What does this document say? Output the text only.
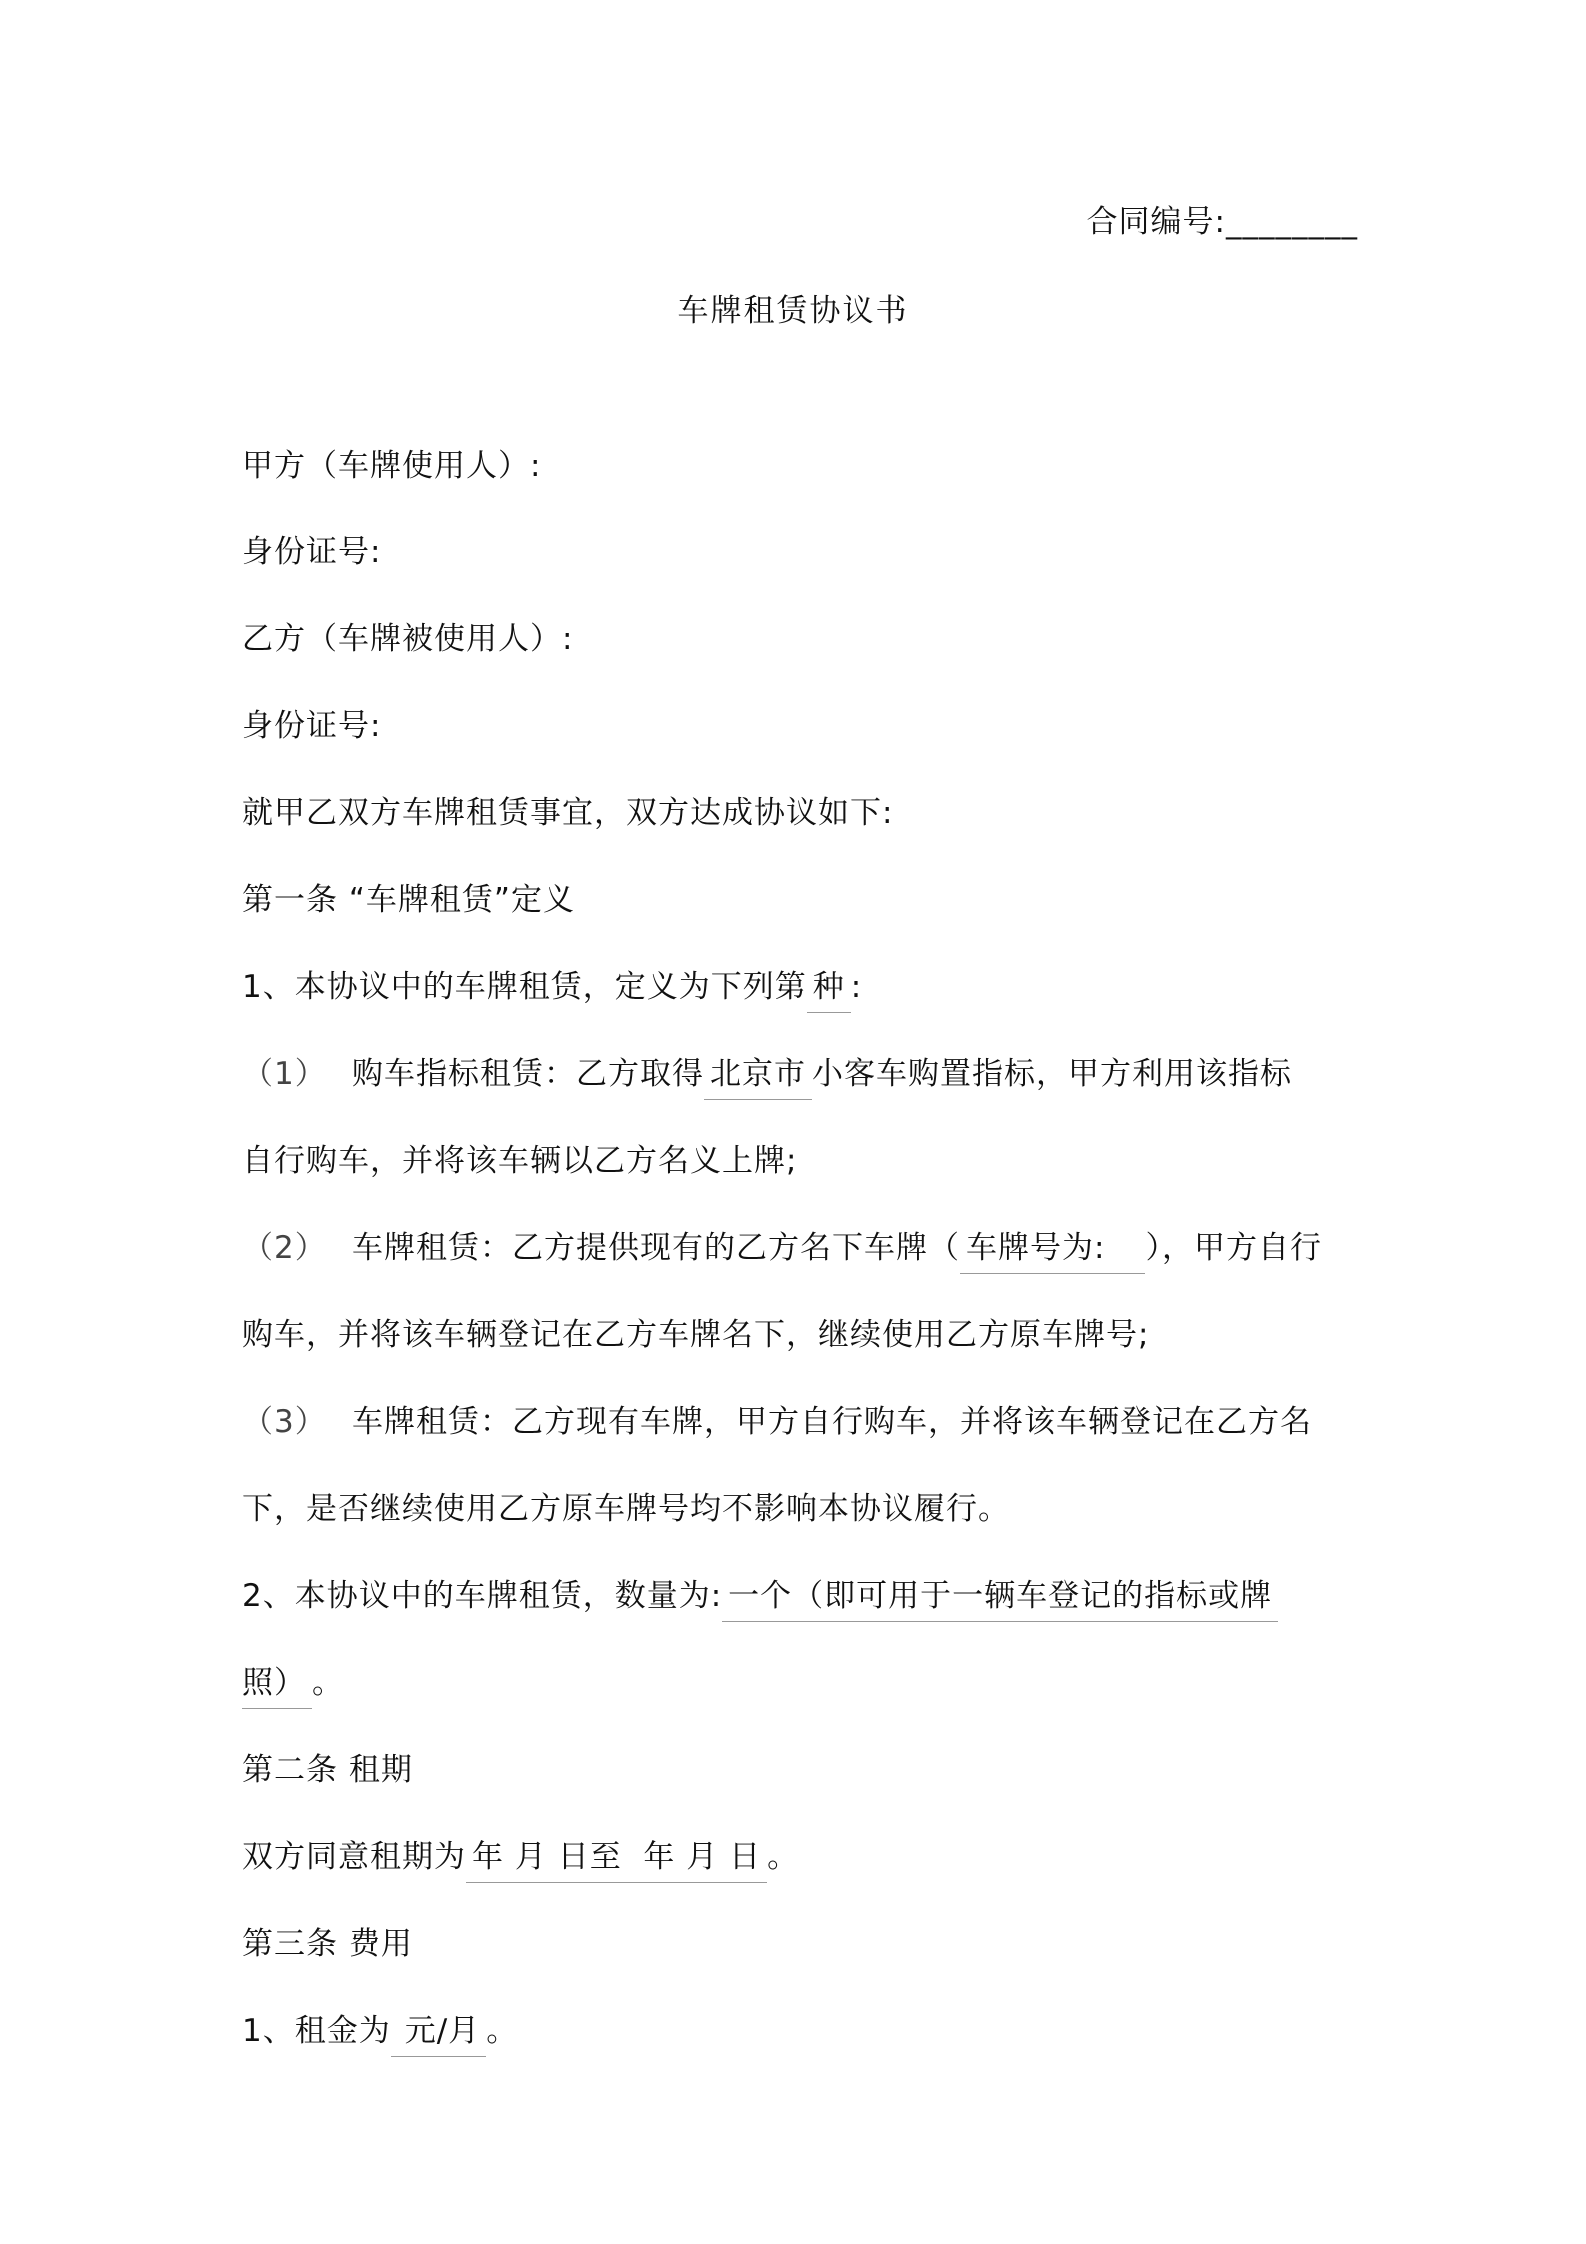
合同编号:________
车牌租赁协议书
甲方（车牌使用人）:
身份证号:
乙方（车牌被使用人）:
身份证号:
就甲乙双方车牌租赁事宜，双方达成协议如下:
第一条 “车牌租赁”定义
1、本协议中的车牌租赁，定义为下列第 种 :
（1） 购车指标租赁：乙方取得 北京市 小客车购置指标，甲方利用该指标
自行购车，并将该车辆以乙方名义上牌;
（2） 车牌租赁：乙方提供现有的乙方名下车牌（ 车牌号为: ），甲方自行
购车，并将该车辆登记在乙方车牌名下，继续使用乙方原车牌号;
（3） 车牌租赁：乙方现有车牌，甲方自行购车，并将该车辆登记在乙方名
下，是否继续使用乙方原车牌号均不影响本协议履行。
2、本协议中的车牌租赁，数量为: 一个（即可用于一辆车登记的指标或牌
照） 。
第二条 租期
双方同意租期为 年 月 日至  年 月 日 。
第三条 费用
1、租金为 元/月 。
